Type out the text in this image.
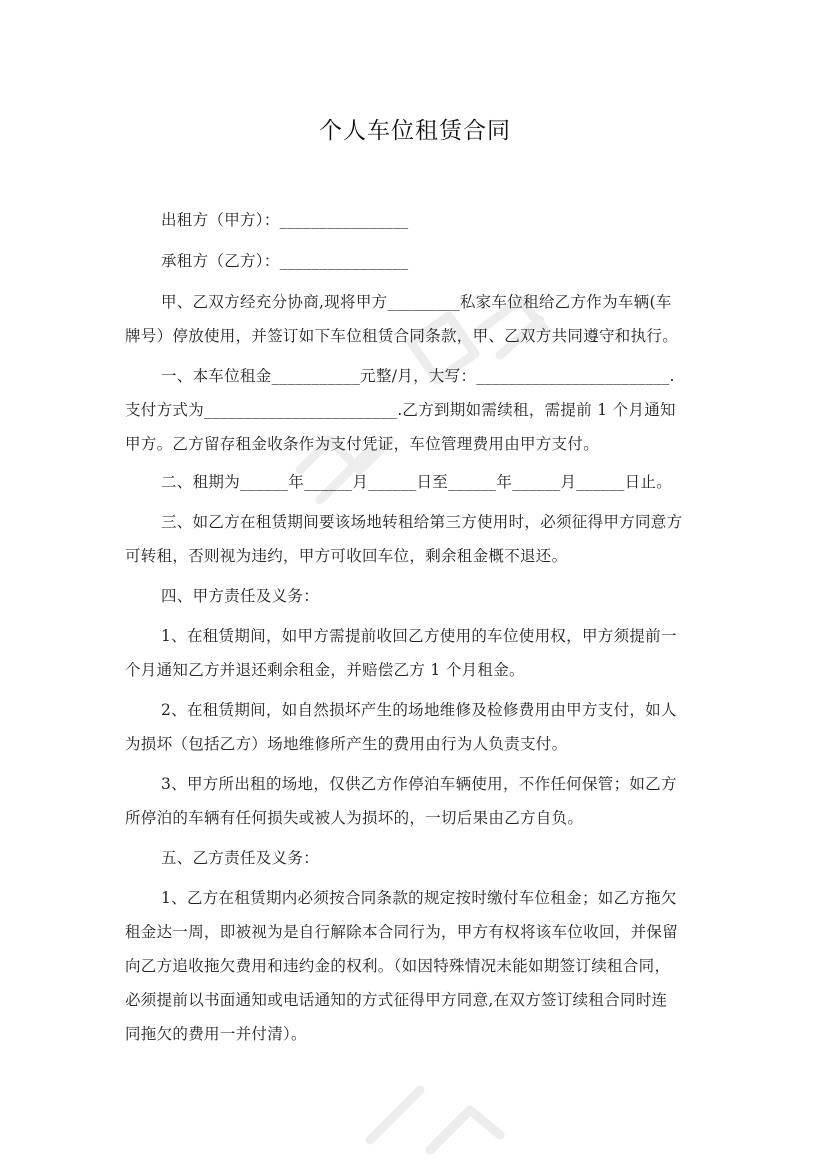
个人车位租赁合同
出租方（甲方）：________________
承租方（乙方）：________________
甲、乙双方经充分协商,现将甲方_________私家车位租给乙方作为车辆(车
牌号）停放使用，并签订如下车位租赁合同条款，甲、乙双方共同遵守和执行。
一、本车位租金___________元整/月，大写：________________________.
支付方式为________________________.乙方到期如需续租，需提前 1 个月通知
甲方。乙方留存租金收条作为支付凭证，车位管理费用由甲方支付。
二、租期为______年______月______日至______年______月______日止。
三、如乙方在租赁期间要该场地转租给第三方使用时，必须征得甲方同意方
可转租，否则视为违约，甲方可收回车位，剩余租金概不退还。
四、甲方责任及义务：
1、在租赁期间，如甲方需提前收回乙方使用的车位使用权，甲方须提前一
个月通知乙方并退还剩余租金，并赔偿乙方 1 个月租金。
2、在租赁期间，如自然损坏产生的场地维修及检修费用由甲方支付，如人
为损坏（包括乙方）场地维修所产生的费用由行为人负责支付。
3、甲方所出租的场地，仅供乙方作停泊车辆使用，不作任何保管；如乙方
所停泊的车辆有任何损失或被人为损坏的，一切后果由乙方自负。
五、乙方责任及义务：
1、乙方在租赁期内必须按合同条款的规定按时缴付车位租金；如乙方拖欠
租金达一周，即被视为是自行解除本合同行为，甲方有权将该车位收回，并保留
向乙方追收拖欠费用和违约金的权利。（如因特殊情况未能如期签订续租合同，
必须提前以书面通知或电话通知的方式征得甲方同意,在双方签订续租合同时连
同拖欠的费用一并付清）。
